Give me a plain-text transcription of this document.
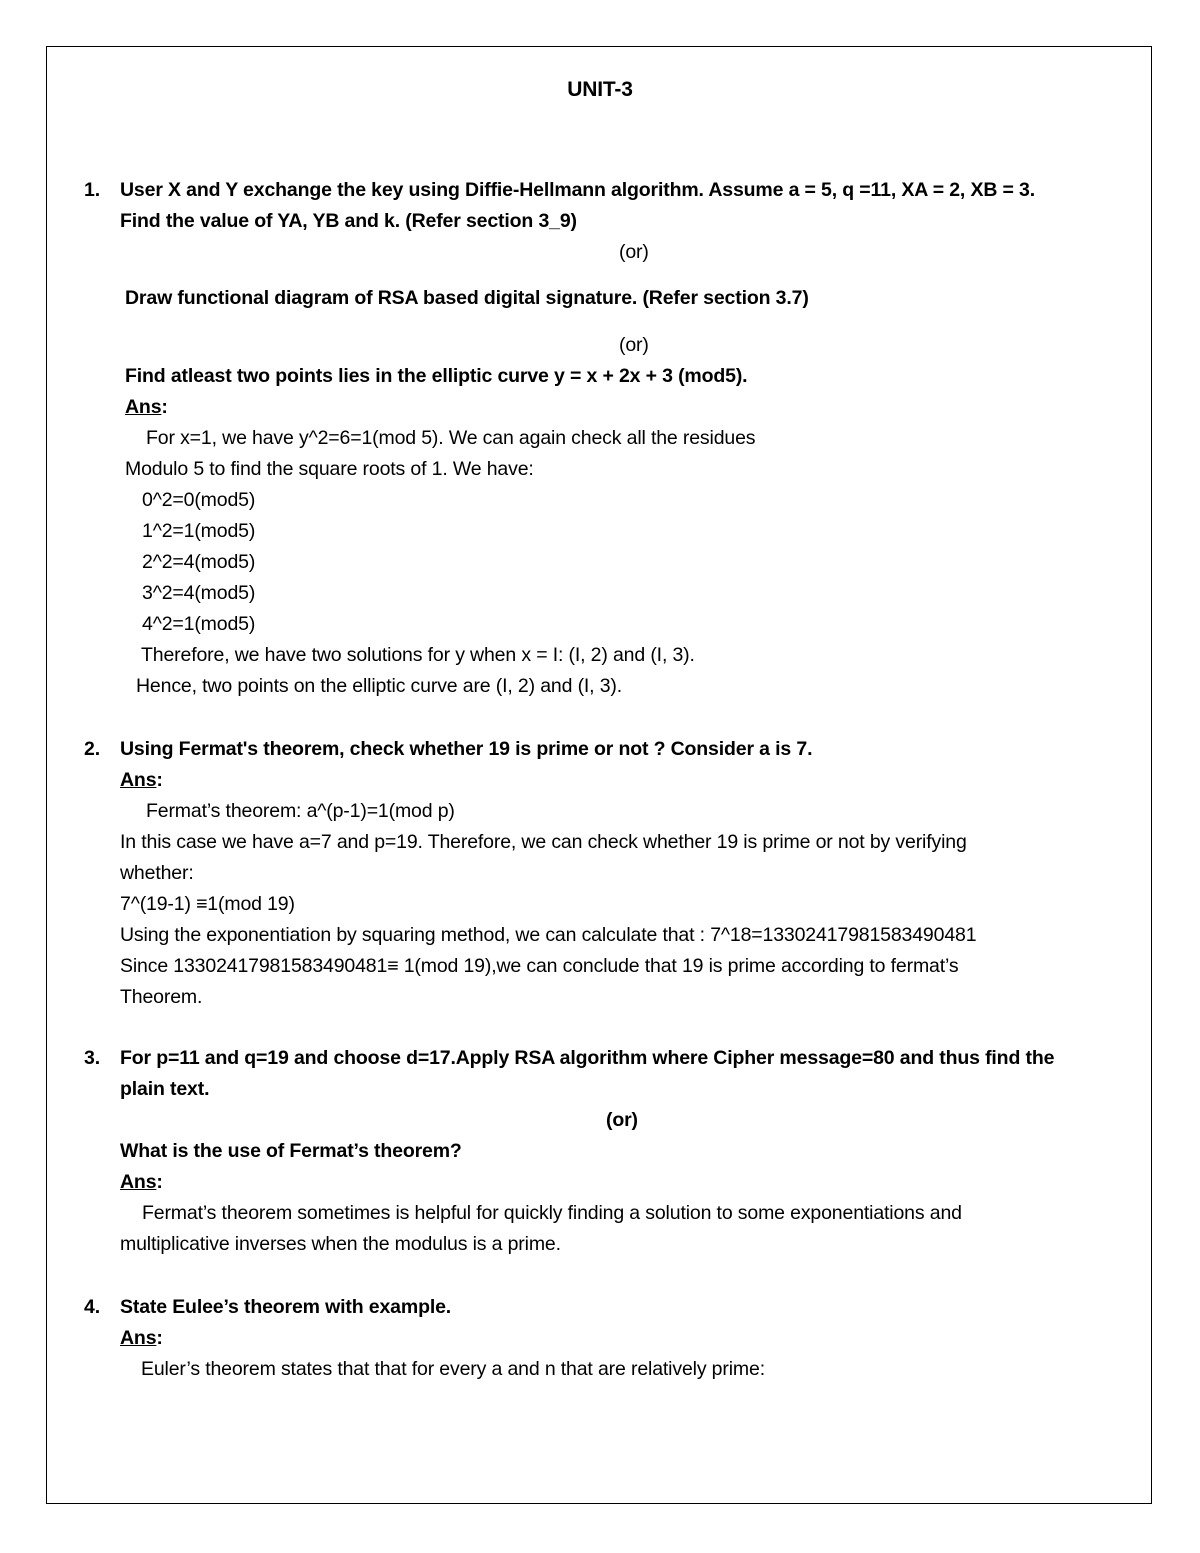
UNIT-3
1. User X and Y exchange the key using Diffie-Hellmann algorithm. Assume a = 5, q =11, XA = 2, XB = 3.
Find the value of YA, YB and k. (Refer section 3_9)
(or)
Draw functional diagram of RSA based digital signature. (Refer section 3.7)
(or)
Find atleast two points lies in the elliptic curve y = x + 2x + 3 (mod5).
Ans:
For x=1, we have y^2=6=1(mod 5). We can again check all the residues
Modulo 5 to find the square roots of 1. We have:
0^2=0(mod5)
1^2=1(mod5)
2^2=4(mod5)
3^2=4(mod5)
4^2=1(mod5)
Therefore, we have two solutions for y when x = I: (I, 2) and (I, 3).
Hence, two points on the elliptic curve are (I, 2) and (I, 3).
2. Using Fermat's theorem, check whether 19 is prime or not ? Consider a is 7.
Ans:
Fermat’s theorem: a^(p-1)=1(mod p)
In this case we have a=7 and p=19. Therefore, we can check whether 19 is prime or not by verifying
whether:
7^(19-1) ≡1(mod 19)
Using the exponentiation by squaring method, we can calculate that : 7^18=13302417981583490481
Since 13302417981583490481≡ 1(mod 19),we can conclude that 19 is prime according to fermat’s
Theorem.
3. For p=11 and q=19 and choose d=17.Apply RSA algorithm where Cipher message=80 and thus find the
plain text.
(or)
What is the use of Fermat’s theorem?
Ans:
Fermat’s theorem sometimes is helpful for quickly finding a solution to some exponentiations and
multiplicative inverses when the modulus is a prime.
4. State Eulee’s theorem with example.
Ans:
Euler’s theorem states that that for every a and n that are relatively prime:
